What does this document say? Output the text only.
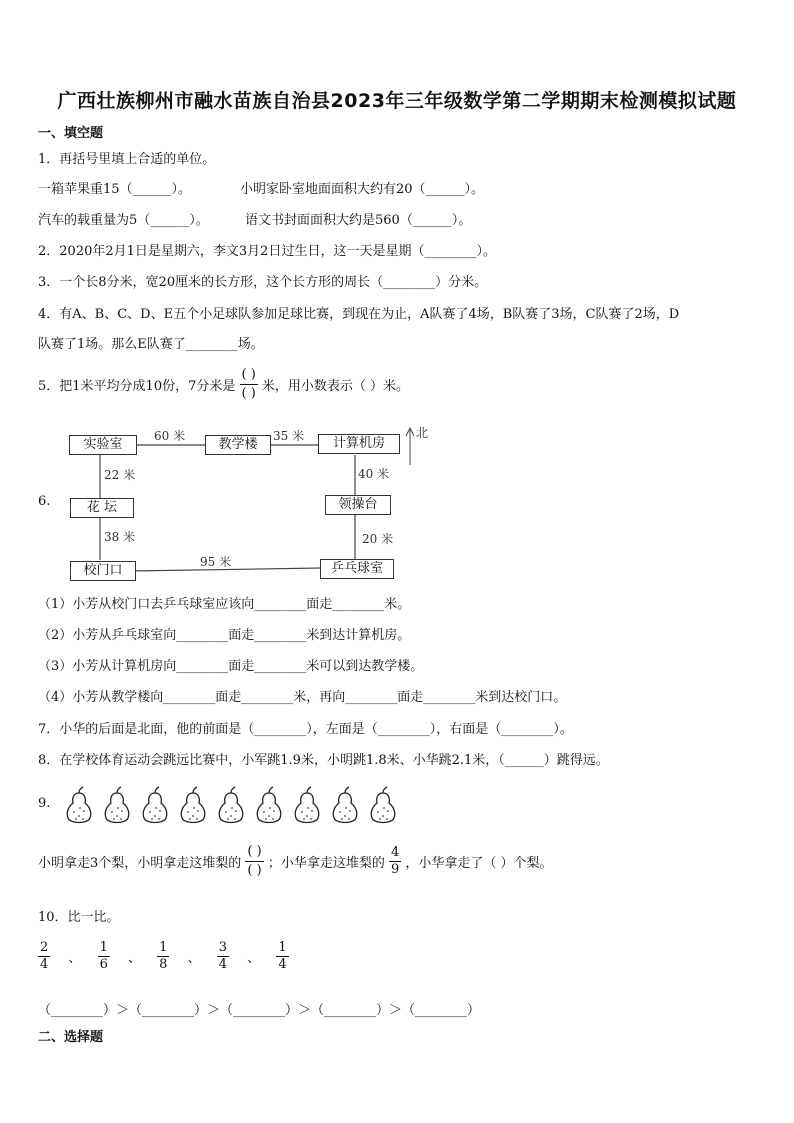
广西壮族柳州市融水苗族自治县2023年三年级数学第二学期期末检测模拟试题
一、填空题
1．再括号里填上合适的单位。
一箱苹果重15（______）。	小明家卧室地面面积大约有20（______）。
汽车的载重量为5（______）。	语文书封面面积大约是560（______）。
2．2020年2月1日是星期六，李文3月2日过生日，这一天是星期（________）。
3．一个长8分米，宽20厘米的长方形，这个长方形的周长（________）分米。
4．有A、B、C、D、E五个小足球队参加足球比赛，到现在为止，A队赛了4场，B队赛了3场，C队赛了2场，D
队赛了1场。那么E队赛了________场。
5．把1米平均分成10份，7分米是 $\frac{( )}{( )}$ 米，用小数表示（ ）米。
6.
实验室	教学楼	计算机房
花 坛	领操台
校门口	乒乓球室
60 米	35 米
22 米	40 米
38 米	20 米
95 米
北
（1）小芳从校门口去乒乓球室应该向________面走________米。
（2）小芳从乒乓球室向________面走________米到达计算机房。
（3）小芳从计算机房向________面走________米可以到达教学楼。
（4）小芳从教学楼向________面走________米，再向________面走________米到达校门口。
7．小华的后面是北面，他的前面是（________），左面是（________），右面是（________）。
8．在学校体育运动会跳远比赛中，小军跳1.9米，小明跳1.8米、小华跳2.1米，（______）跳得远。
9.
小明拿走3个梨，小明拿走这堆梨的 $\frac{( )}{( )}$ ；小华拿走这堆梨的 $\frac{4}{9}$ ，小华拿走了（ ）个梨。
10．比一比。
$\frac{2}{4}$ 、 $\frac{1}{6}$ 、 $\frac{1}{8}$ 、 $\frac{3}{4}$ 、 $\frac{1}{4}$
（________）＞（________）＞（________）＞（________）＞（________）
二、选择题
